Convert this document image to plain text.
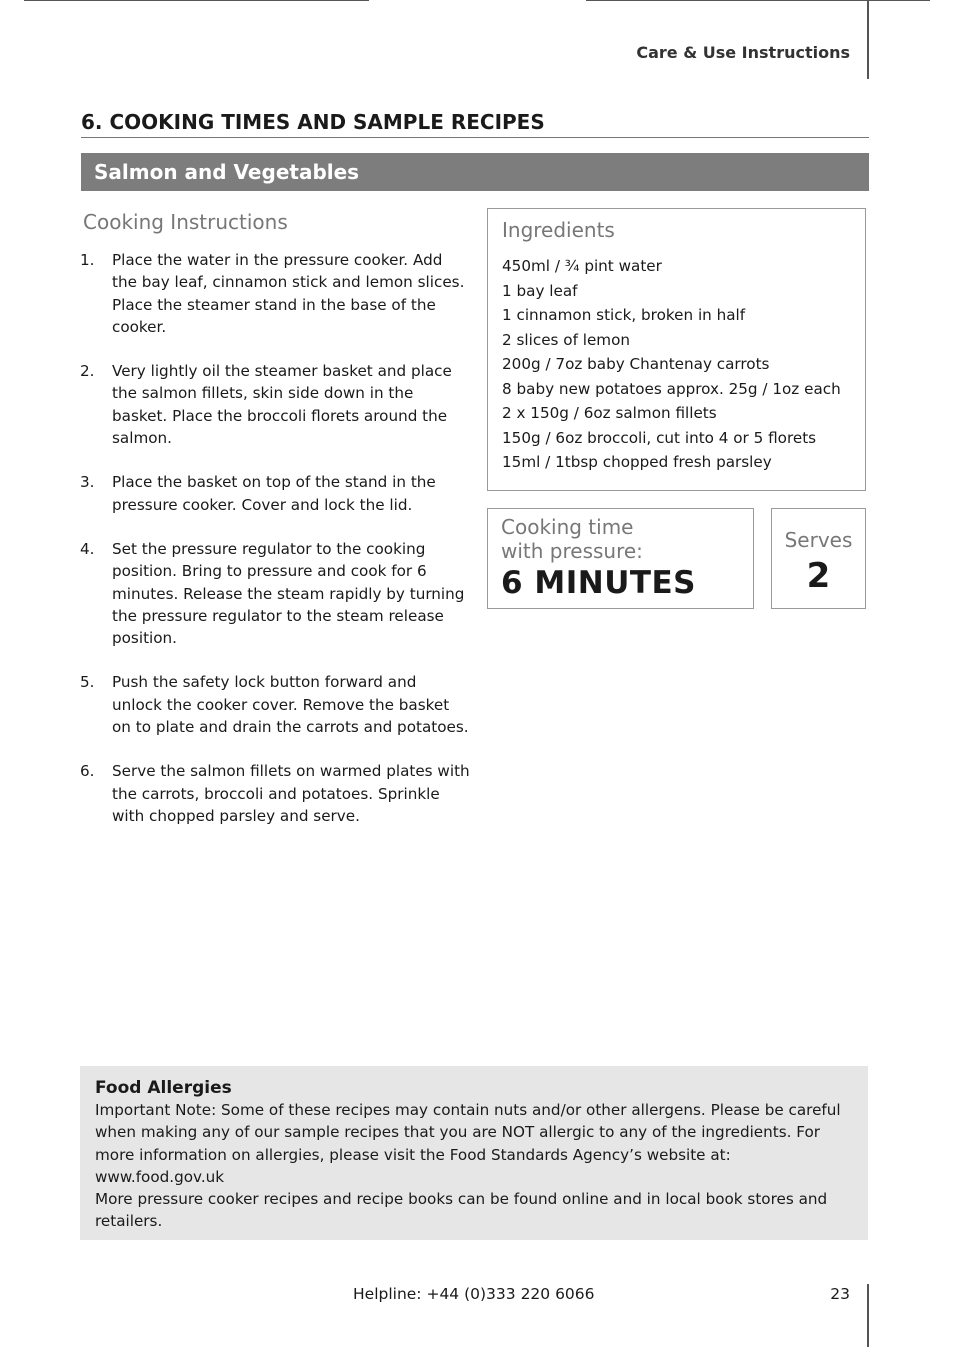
Care & Use Instructions
6. COOKING TIMES AND SAMPLE RECIPES
Salmon and Vegetables
Cooking Instructions
1.	Place the water in the pressure cooker. Add the bay leaf, cinnamon stick and lemon slices. Place the steamer stand in the base of the cooker.
2.	Very lightly oil the steamer basket and place the salmon fillets, skin side down in the basket. Place the broccoli florets around the salmon.
3.	Place the basket on top of the stand in the pressure cooker. Cover and lock the lid.
4.	Set the pressure regulator to the cooking position. Bring to pressure and cook for 6 minutes. Release the steam rapidly by turning the pressure regulator to the steam release position.
5.	Push the safety lock button forward and unlock the cooker cover. Remove the basket on to plate and drain the carrots and potatoes.
6.	Serve the salmon fillets on warmed plates with the carrots, broccoli and potatoes. Sprinkle with chopped parsley and serve.
Ingredients
450ml / ¾ pint water
1 bay leaf
1 cinnamon stick, broken in half
2 slices of lemon
200g / 7oz baby Chantenay carrots
8 baby new potatoes approx. 25g / 1oz each
2 x 150g / 6oz salmon fillets
150g / 6oz broccoli, cut into 4 or 5 florets
15ml / 1tbsp chopped fresh parsley
Cooking time
with pressure:
6 MINUTES
Serves
2
Food Allergies
Important Note: Some of these recipes may contain nuts and/or other allergens. Please be careful when making any of our sample recipes that you are NOT allergic to any of the ingredients. For more information on allergies, please visit the Food Standards Agency’s website at: www.food.gov.uk
More pressure cooker recipes and recipe books can be found online and in local book stores and retailers.
Helpline: +44 (0)333 220 6066	23
